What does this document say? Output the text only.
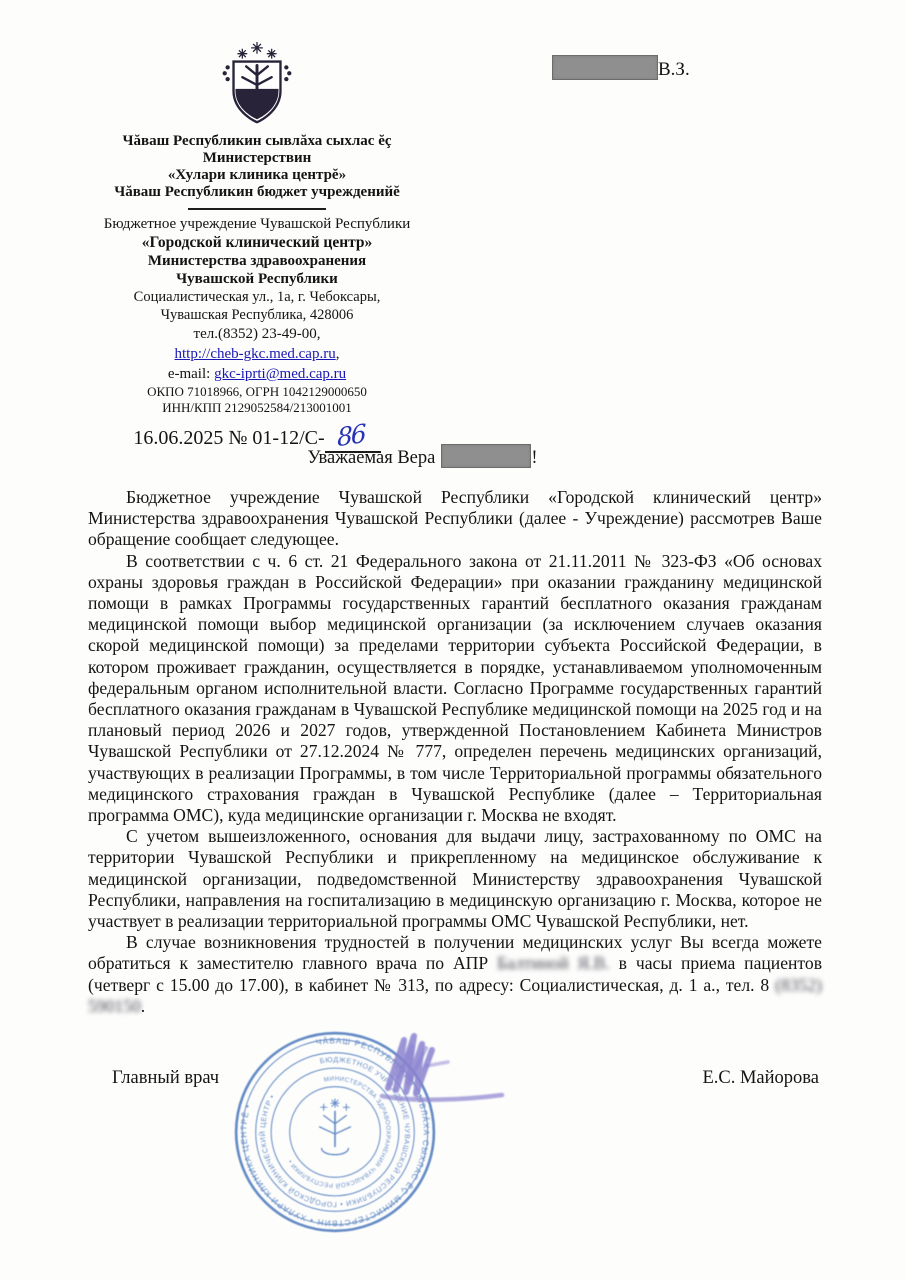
В.З.
Чăваш Республикин сывлăха сыхлас ĕç
Министерствин
«Хулари клиника центрĕ»
Чăваш Республикин бюджет учрежденийĕ
Бюджетное учреждение Чувашской Республики
«Городской клинический центр»
Министерства здравоохранения
Чувашской Республики
Социалистическая ул., 1а, г. Чебоксары,
Чувашская Республика, 428006
тел.(8352) 23-49-00,
http://cheb-gkc.med.cap.ru,
e-mail: gkc-iprti@med.cap.ru
ОКПО 71018966, ОГРН 1042129000650
ИНН/КПП 2129052584/213001001
16.06.2025 № 01-12/С- 86
Уважаемая Вера	!

Бюджетное учреждение Чувашской Республики «Городской клинический центр» Министерства здравоохранения Чувашской Республики (далее - Учреждение) рассмотрев Ваше обращение сообщает следующее.

В соответствии с ч. 6 ст. 21 Федерального закона от 21.11.2011 № 323-ФЗ «Об основах охраны здоровья граждан в Российской Федерации» при оказании гражданину медицинской помощи в рамках Программы государственных гарантий бесплатного оказания гражданам медицинской помощи выбор медицинской организации (за исключением случаев оказания скорой медицинской помощи) за пределами территории субъекта Российской Федерации, в котором проживает гражданин, осуществляется в порядке, устанавливаемом уполномоченным федеральным органом исполнительной власти. Согласно Программе государственных гарантий бесплатного оказания гражданам в Чувашской Республике медицинской помощи на 2025 год и на плановый период 2026 и 2027 годов, утвержденной Постановлением Кабинета Министров Чувашской Республики от 27.12.2024 № 777, определен перечень медицинских организаций, участвующих в реализации Программы, в том числе Территориальной программы обязательного медицинского страхования граждан в Чувашской Республике (далее – Территориальная программа ОМС), куда медицинские организации г. Москва не входят.

С учетом вышеизложенного, основания для выдачи лицу, застрахованному по ОМС на территории Чувашской Республики и прикрепленному на медицинское обслуживание к медицинской организации, подведомственной Министерству здравоохранения Чувашской Республики, направления на госпитализацию в медицинскую организацию г. Москва, которое не участвует в реализации территориальной программы ОМС Чувашской Республики, нет.

В случае возникновения трудностей в получении медицинских услуг Вы всегда можете обратиться к заместителю главного врача по АПР Балтиной Я.В. в часы приема пациентов (четверг с 15.00 до 17.00), в кабинет № 313, по адресу: Социалистическая, д. 1 а., тел. 8 (8352) 590150.

ЧĂВАШ РЕСПУБЛИКИН СЫВЛĂХА СЫХЛАС ĔÇ МИНИСТЕРСТВИН • ХУЛАРИ КЛИНИКА ЦЕНТРĔ •
БЮДЖЕТНОЕ УЧРЕЖДЕНИЕ ЧУВАШСКОЙ РЕСПУБЛИКИ • ГОРОДСКОЙ КЛИНИЧЕСКИЙ ЦЕНТР •
МИНИСТЕРСТВА ЗДРАВООХРАНЕНИЯ ЧУВАШСКОЙ РЕСПУБЛИКИ •
Главный врач	Е.С. Майорова
